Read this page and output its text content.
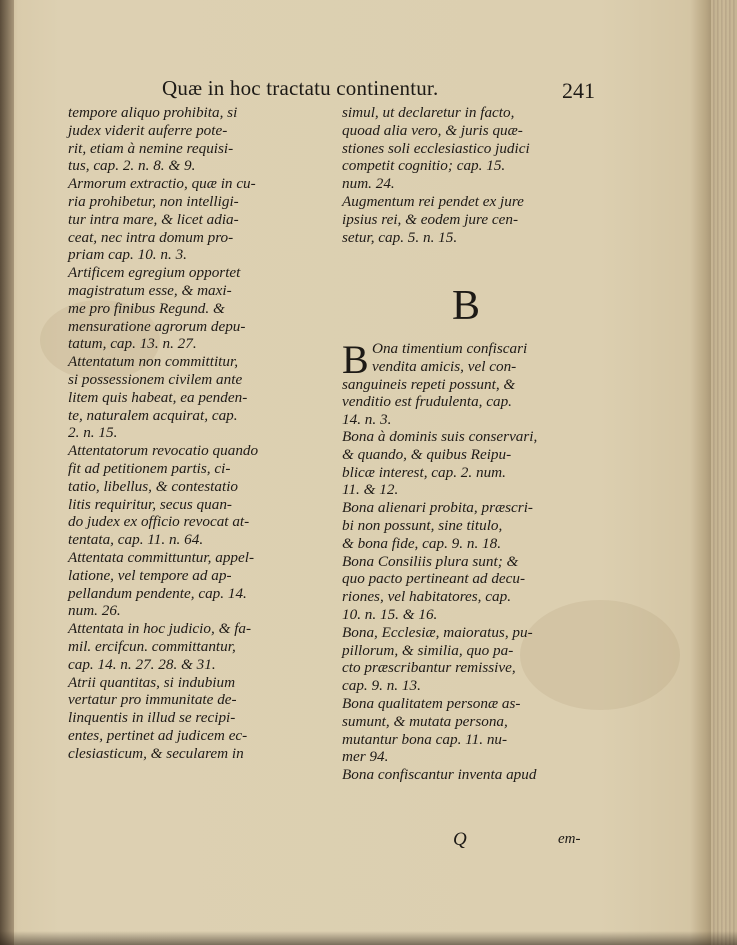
Quæ in hoc tractatu continentur.	241

tempore aliquo prohibita, si
judex viderit auferre pote-
rit, etiam à nemine requisi-
tus, cap. 2. n. 8. & 9.

Armorum extractio, quæ in cu-
ria prohibetur, non intelligi-
tur intra mare, & licet adia-
ceat, nec intra domum pro-
priam cap. 10. n. 3.

Artificem egregium opportet
magistratum esse, & maxi-
me pro finibus Regund. &
mensuratione agrorum depu-
tatum, cap. 13. n. 27.

Attentatum non committitur,
si possessionem civilem ante
litem quis habeat, ea penden-
te, naturalem acquirat, cap.
2. n. 15.

Attentatorum revocatio quando
fit ad petitionem partis, ci-
tatio, libellus, & contestatio
litis requiritur, secus quan-
do judex ex officio revocat at-
tentata, cap. 11. n. 64.

Attentata committuntur, appel-
latione, vel tempore ad ap-
pellandum pendente, cap. 14.
num. 26.

Attentata in hoc judicio, & fa-
mil. ercifcun. committantur,
cap. 14. n. 27. 28. & 31.

Atrii quantitas, si indubium
vertatur pro immunitate de-
linquentis in illud se recipi-
entes, pertinet ad judicem ec-
clesiasticum, & secularem in

simul, ut declaretur in facto,
quoad alia vero, & juris quæ-
stiones soli ecclesiastico judici
competit cognitio; cap. 15.
num. 24.

Augmentum rei pendet ex jure
ipsius rei, & eodem jure cen-
setur, cap. 5. n. 15.

B
B Ona timentium confiscari
vendita amicis, vel con-
sanguineis repeti possunt, &
venditio est frudulenta, cap.
14. n. 3.

Bona à dominis suis conservari,
& quando, & quibus Reipu-
blicæ interest, cap. 2. num.
11. & 12.

Bona alienari probita, præscri-
bi non possunt, sine titulo,
& bona fide, cap. 9. n. 18.

Bona Consiliis plura sunt; &
quo pacto pertineant ad decu-
riones, vel habitatores, cap.
10. n. 15. & 16.

Bona, Ecclesiæ, maioratus, pu-
pillorum, & similia, quo pa-
cto præscribantur remissive,
cap. 9. n. 13.

Bona qualitatem personæ as-
sumunt, & mutata persona,
mutantur bona cap. 11. nu-
mer 94.

Bona confiscantur inventa apud

Q	em-
